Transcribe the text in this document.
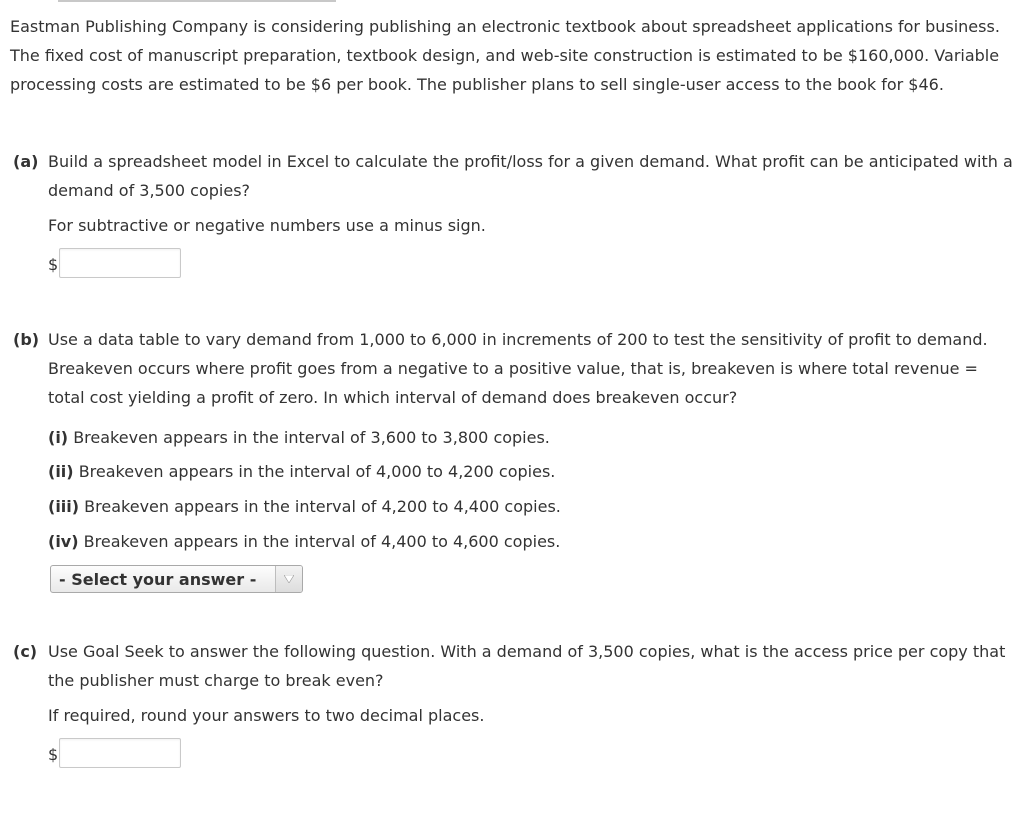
Eastman Publishing Company is considering publishing an electronic textbook about spreadsheet applications for business. The fixed cost of manuscript preparation, textbook design, and web-site construction is estimated to be $160,000. Variable processing costs are estimated to be $6 per book. The publisher plans to sell single-user access to the book for $46.
(a) Build a spreadsheet model in Excel to calculate the profit/loss for a given demand. What profit can be anticipated with a demand of 3,500 copies?
For subtractive or negative numbers use a minus sign.
$
(b) Use a data table to vary demand from 1,000 to 6,000 in increments of 200 to test the sensitivity of profit to demand. Breakeven occurs where profit goes from a negative to a positive value, that is, breakeven is where total revenue = total cost yielding a profit of zero. In which interval of demand does breakeven occur?
(i) Breakeven appears in the interval of 3,600 to 3,800 copies.
(ii) Breakeven appears in the interval of 4,000 to 4,200 copies.
(iii) Breakeven appears in the interval of 4,200 to 4,400 copies.
(iv) Breakeven appears in the interval of 4,400 to 4,600 copies.
- Select your answer -
(c) Use Goal Seek to answer the following question. With a demand of 3,500 copies, what is the access price per copy that the publisher must charge to break even?
If required, round your answers to two decimal places.
$
